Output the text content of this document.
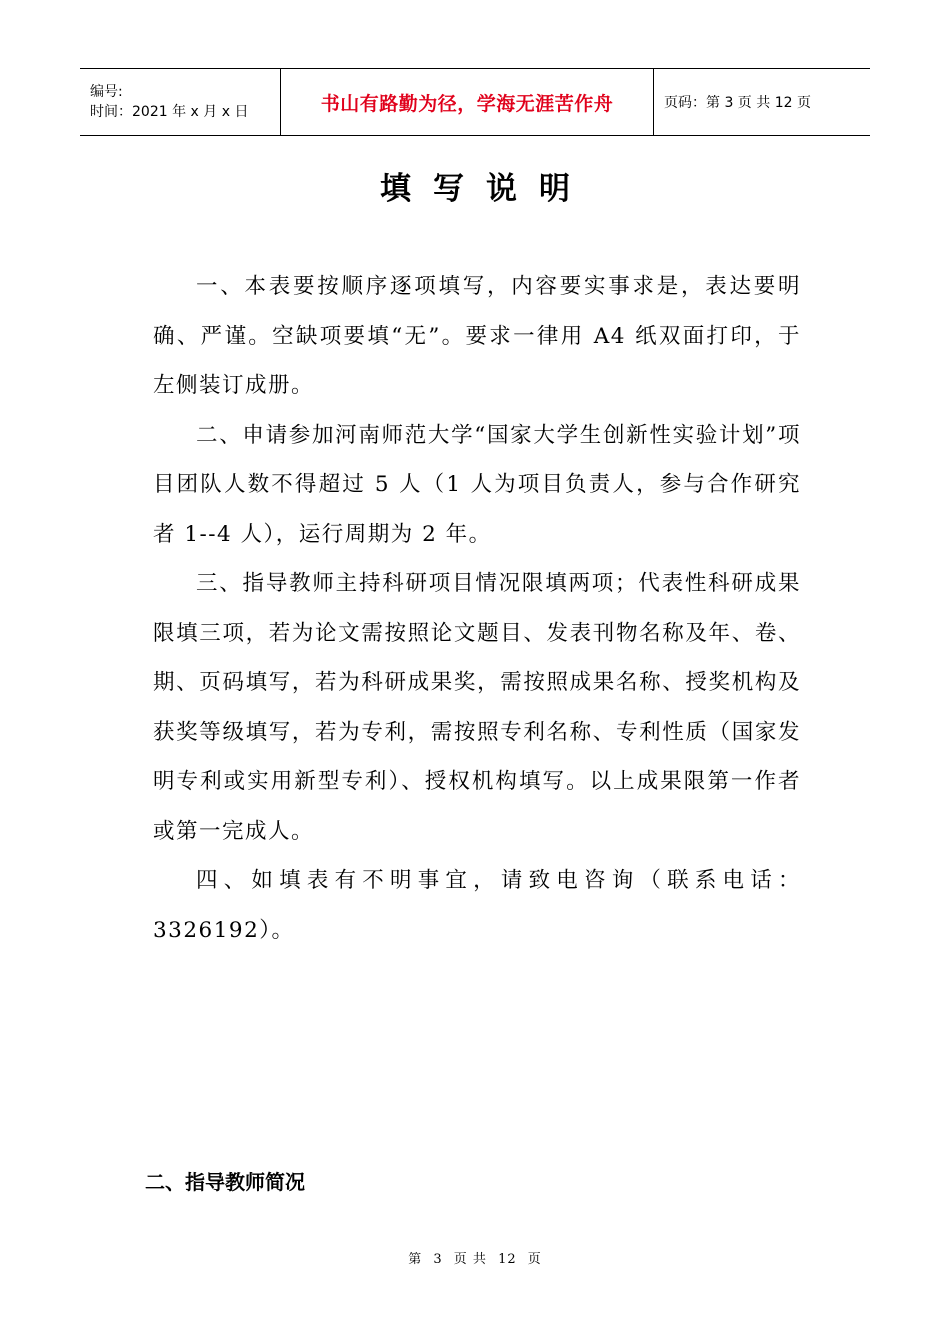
编号:
时间：2021 年 x 月 x 日	书山有路勤为径，学海无涯苦作舟	页码：第 3 页 共 12 页
填写说明

一、本表要按顺序逐项填写，内容要实事求是，表达要明确、严谨。空缺项要填“无”。要求一律用 A4 纸双面打印，于左侧装订成册。

二、申请参加河南师范大学“国家大学生创新性实验计划”项目团队人数不得超过 5 人（1 人为项目负责人，参与合作研究者 1--4 人），运行周期为 2 年。

三、指导教师主持科研项目情况限填两项；代表性科研成果限填三项，若为论文需按照论文题目、发表刊物名称及年、卷、期、页码填写，若为科研成果奖，需按照成果名称、授奖机构及获奖等级填写，若为专利，需按照专利名称、专利性质（国家发明专利或实用新型专利）、授权机构填写。以上成果限第一作者或第一完成人。

四、如填表有不明事宜，请致电咨询（联系电话：3326192）。

二、指导教师简况
第 3 页 共 12 页
